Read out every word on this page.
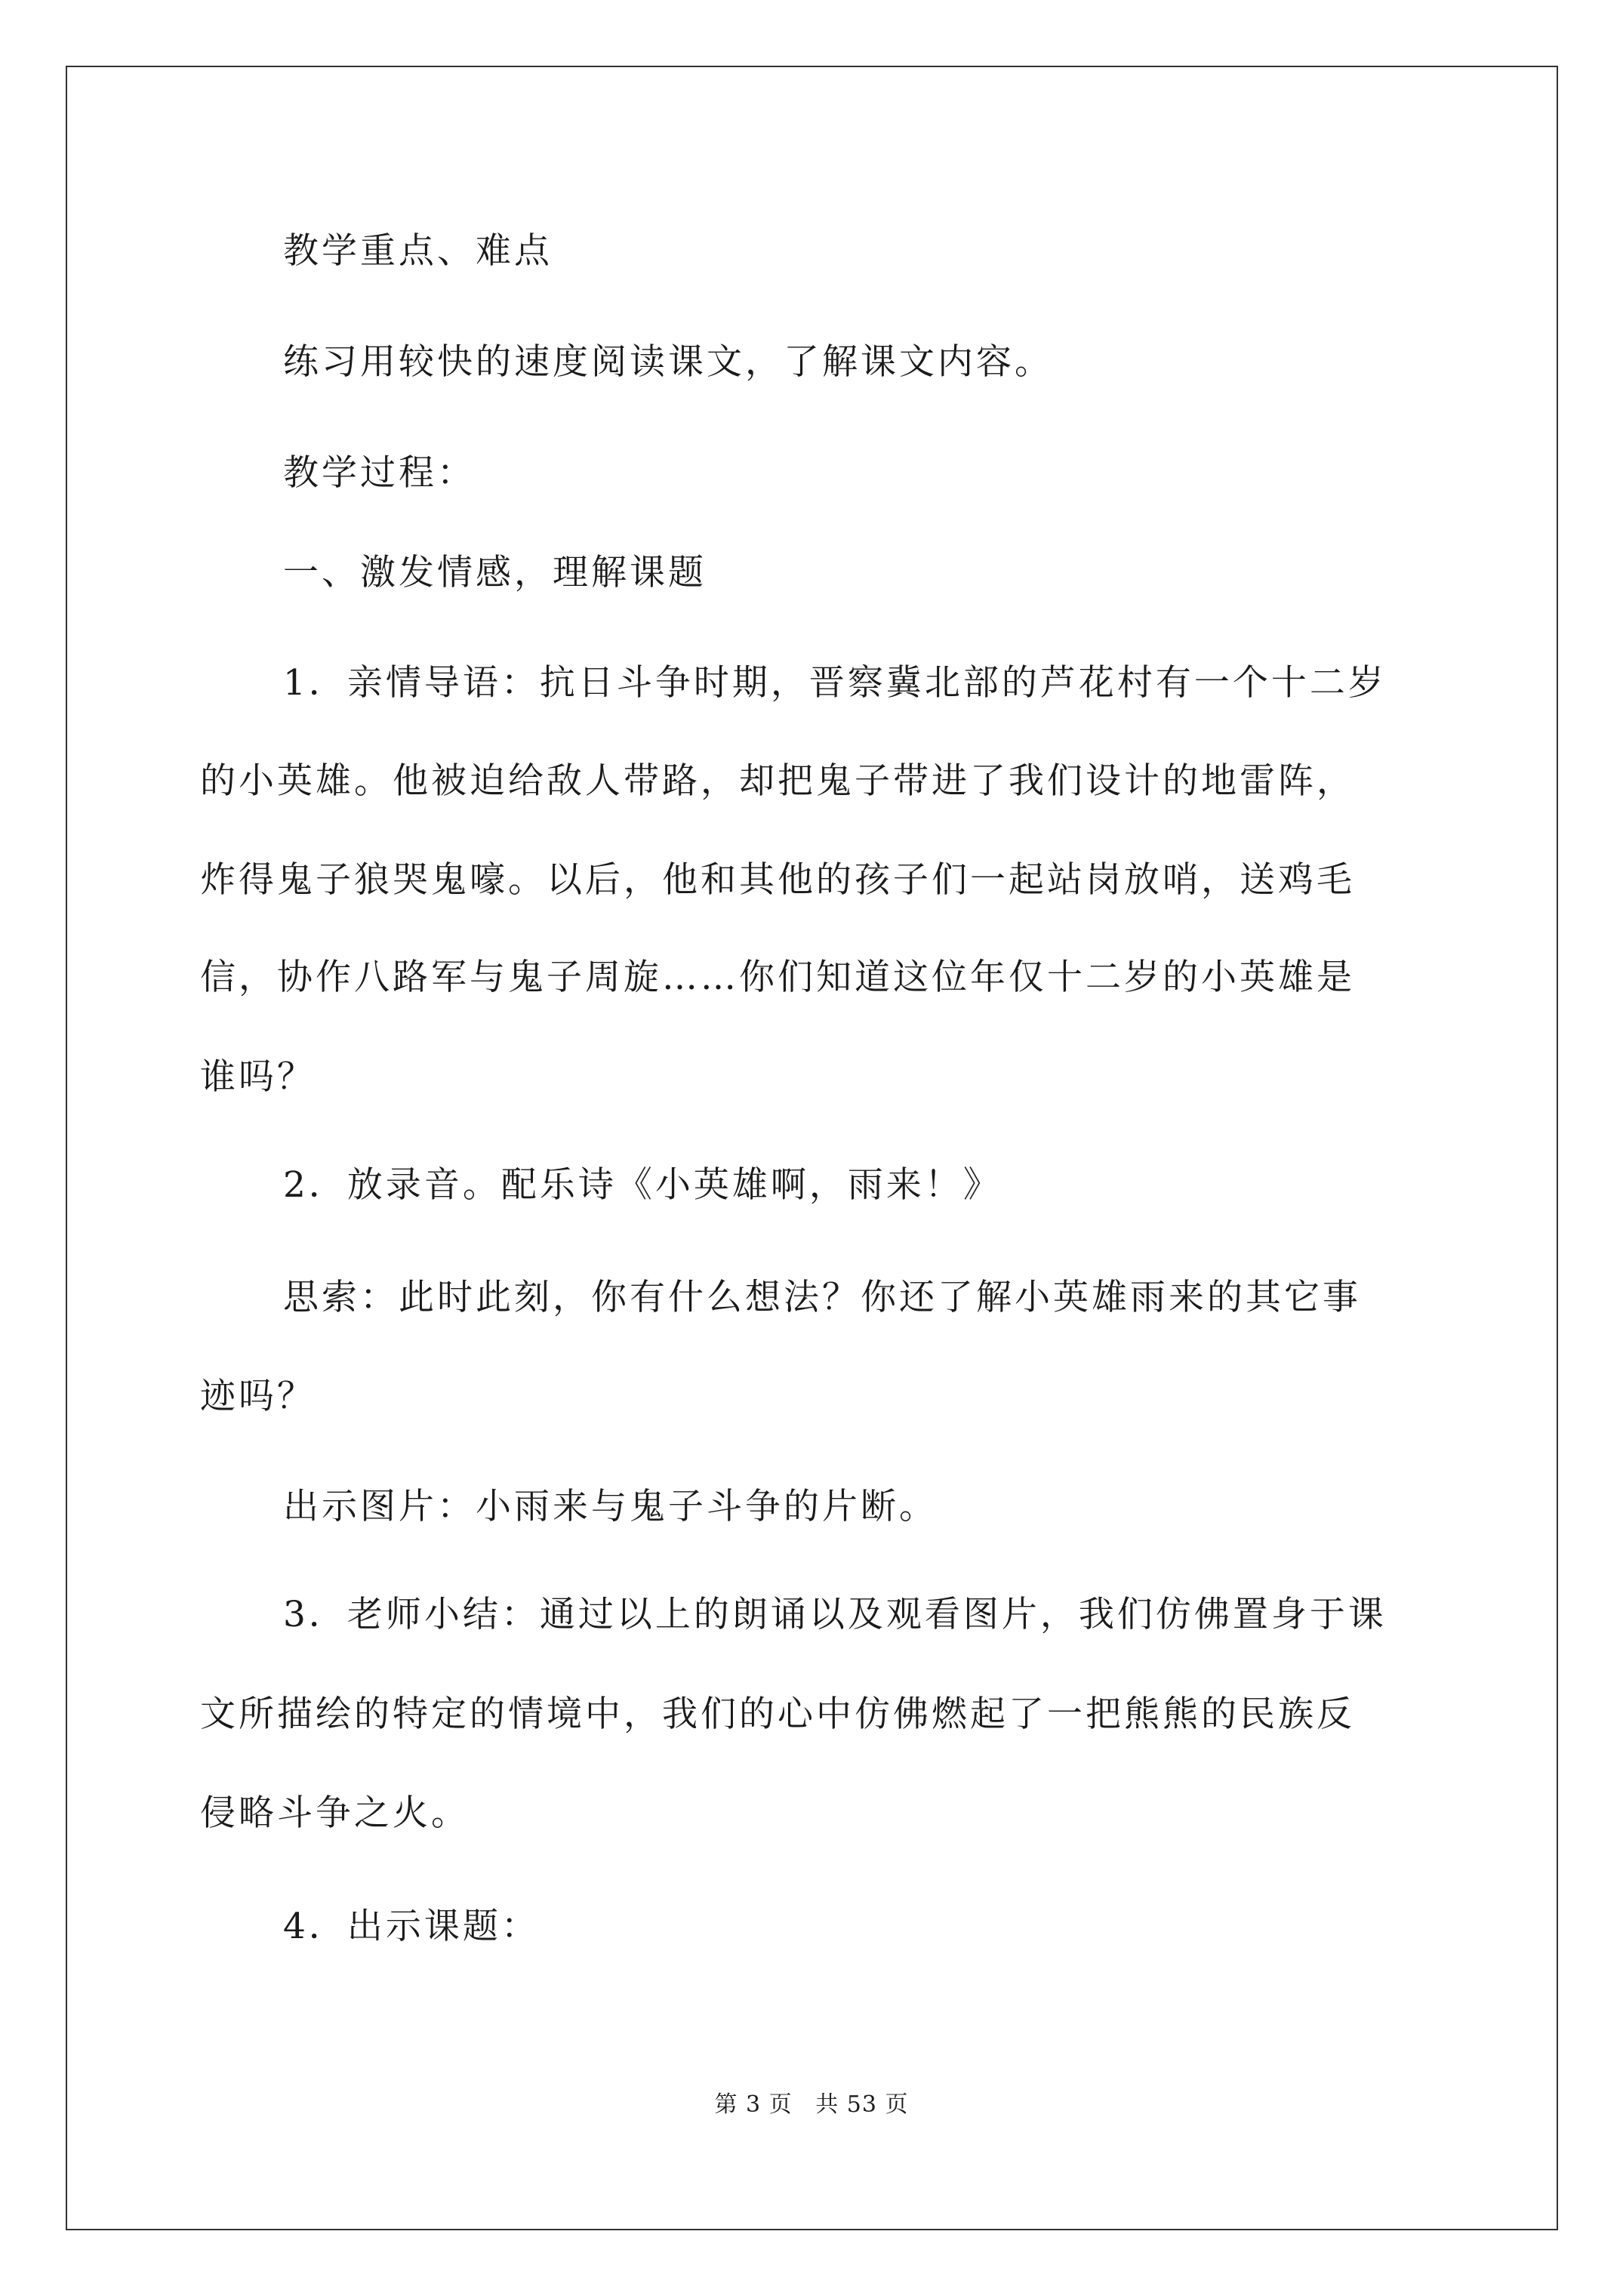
教学重点、难点
练习用较快的速度阅读课文，了解课文内容。
教学过程：
一、激发情感，理解课题
1．亲情导语：抗日斗争时期，晋察冀北部的芦花村有一个十二岁
的小英雄。他被迫给敌人带路，却把鬼子带进了我们设计的地雷阵，
炸得鬼子狼哭鬼嚎。以后，他和其他的孩子们一起站岗放哨，送鸡毛
信，协作八路军与鬼子周旋……你们知道这位年仅十二岁的小英雄是
谁吗？
2．放录音。配乐诗《小英雄啊，雨来！》
思索：此时此刻，你有什么想法？你还了解小英雄雨来的其它事
迹吗？
出示图片：小雨来与鬼子斗争的片断。
3．老师小结：通过以上的朗诵以及观看图片，我们仿佛置身于课
文所描绘的特定的情境中，我们的心中仿佛燃起了一把熊熊的民族反
侵略斗争之火。
4．出示课题：
第 3 页 共 53 页
